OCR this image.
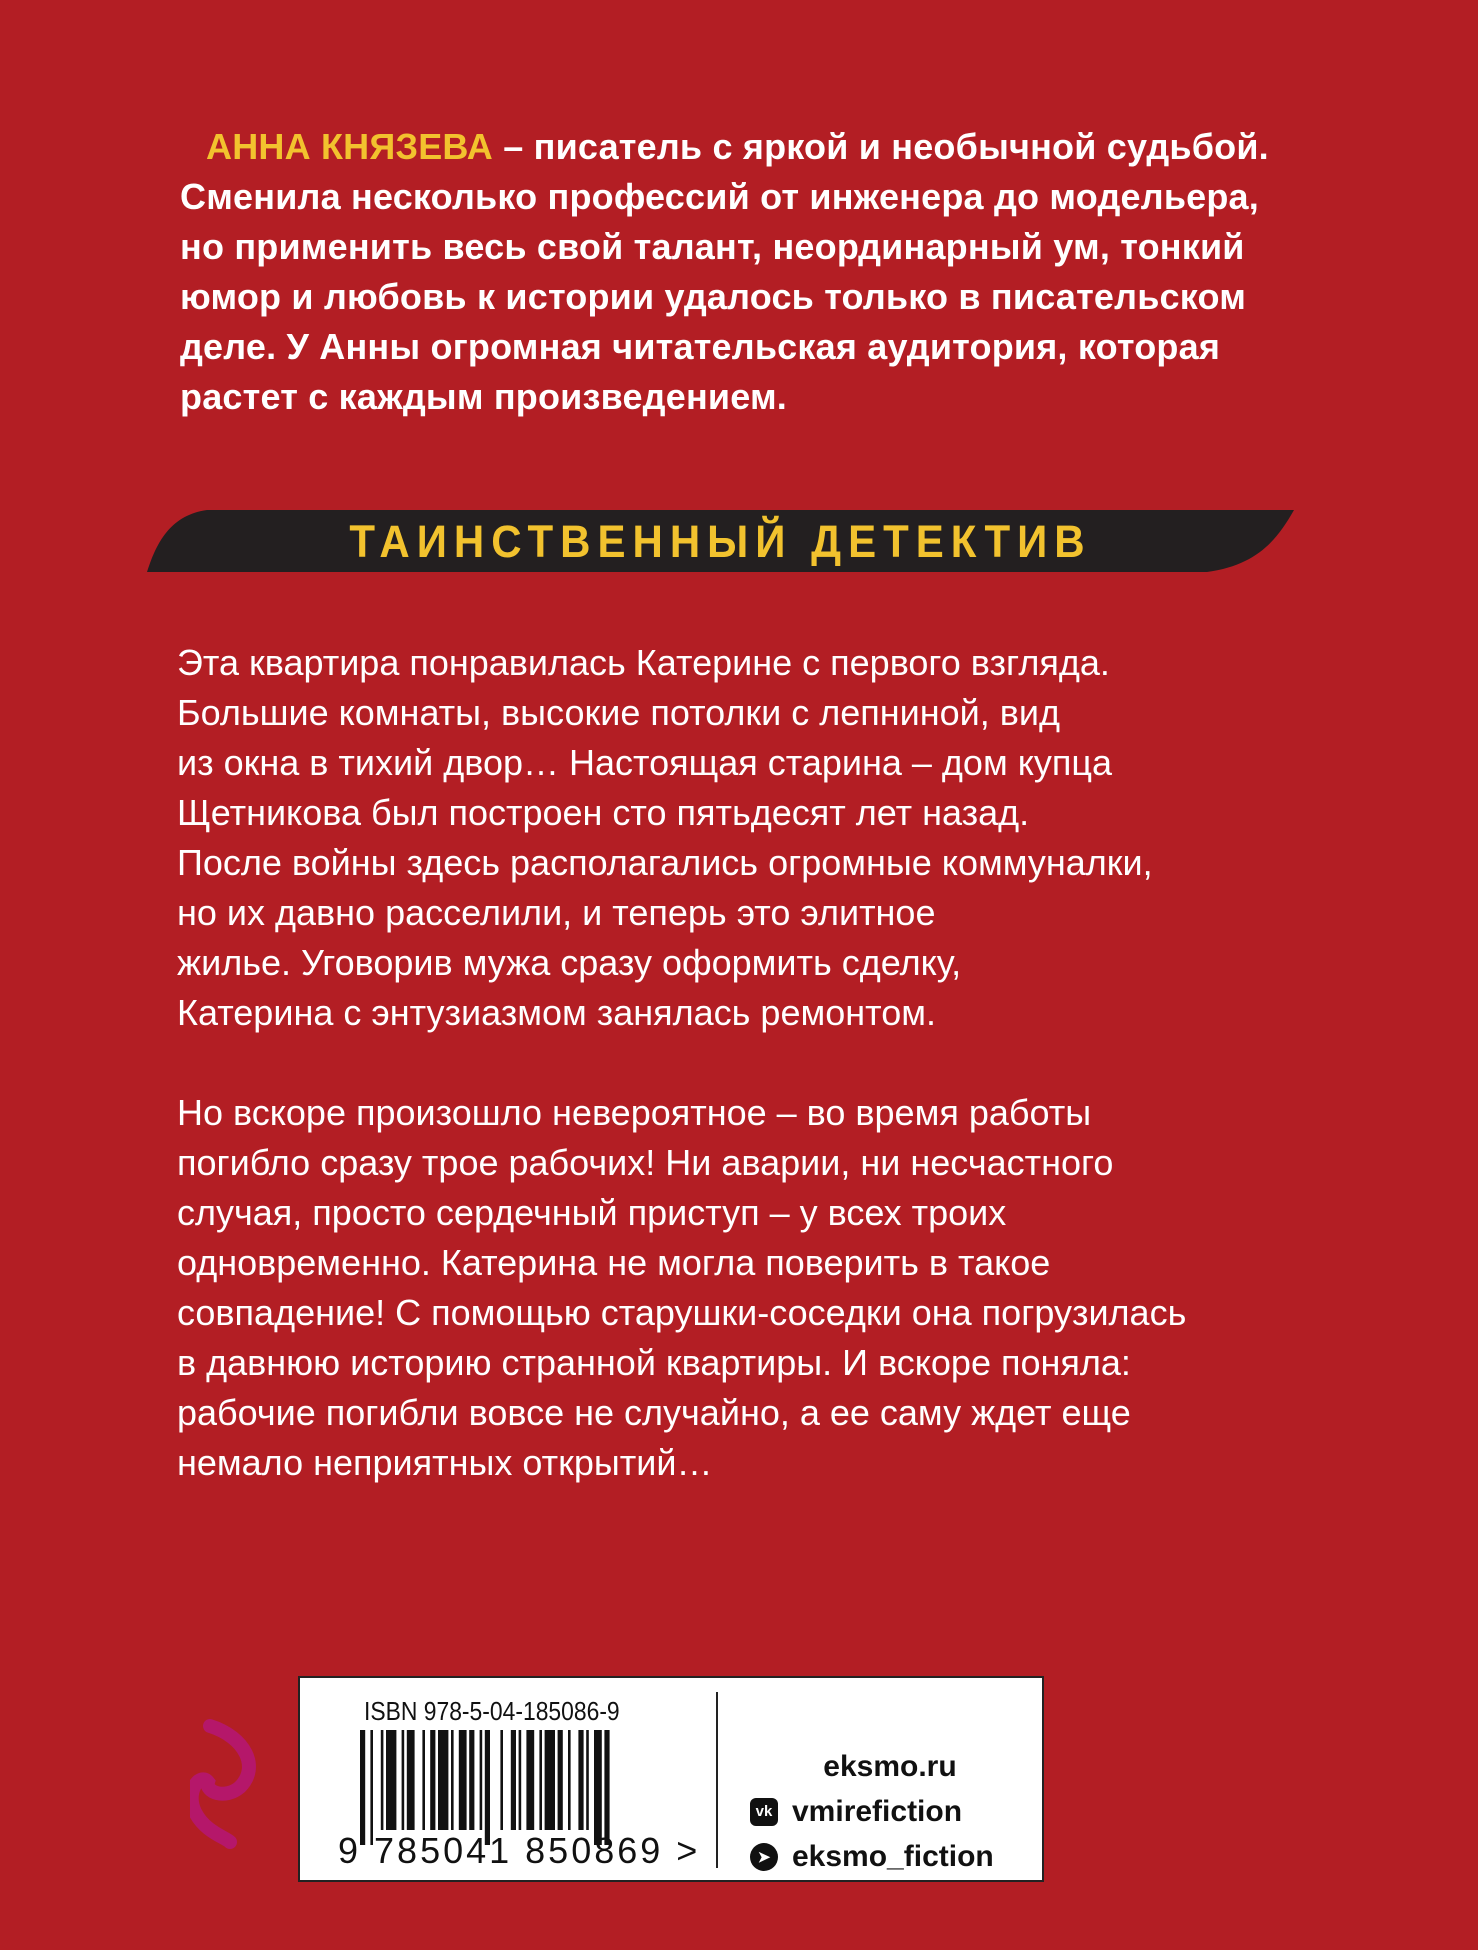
АННА КНЯЗЕВА – писатель с яркой и необычной судьбой.
Сменила несколько профессий от инженера до модельера,
но применить весь свой талант, неординарный ум, тонкий
юмор и любовь к истории удалось только в писательском
деле. У Анны огромная читательская аудитория, которая
растет с каждым произведением.
ТАИНСТВЕННЫЙ ДЕТЕКТИВ
Эта квартира понравилась Катерине с первого взгляда.
Большие комнаты, высокие потолки с лепниной, вид
из окна в тихий двор… Настоящая старина – дом купца
Щетникова был построен сто пятьдесят лет назад.
После войны здесь располагались огромные коммуналки,
но их давно расселили, и теперь это элитное
жилье. Уговорив мужа сразу оформить сделку,
Катерина с энтузиазмом занялась ремонтом.
Но вскоре произошло невероятное – во время работы
погибло сразу трое рабочих! Ни аварии, ни несчастного
случая, просто сердечный приступ – у всех троих
одновременно. Катерина не могла поверить в такое
совпадение! С помощью старушки-соседки она погрузилась
в давнюю историю странной квартиры. И вскоре поняла:
рабочие погибли вовсе не случайно, а ее саму ждет еще
немало неприятных открытий…
ISBN 978-5-04-185086-9
9 785041 850869 >
eksmo.ru
vk vmirefiction
➤ eksmo_fiction
